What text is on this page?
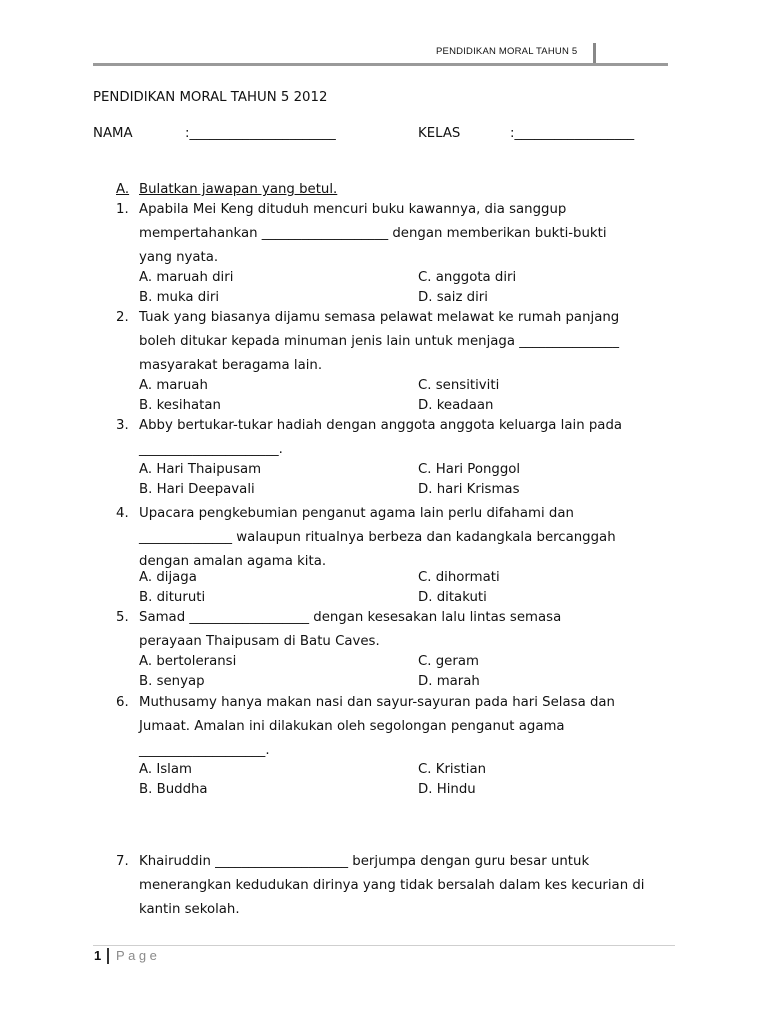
PENDIDIKAN MORAL TAHUN 5
PENDIDIKAN MORAL TAHUN 5 2012
NAMA	:______________________	KELAS	:__________________
A. Bulatkan jawapan yang betul.
1. Apabila Mei Keng dituduh mencuri buku kawannya, dia sanggup
mempertahankan ___________________ dengan memberikan bukti-bukti
yang nyata.
A. maruah diri	C. anggota diri
B. muka diri	D. saiz diri
2. Tuak yang biasanya dijamu semasa pelawat melawat ke rumah panjang
boleh ditukar kepada minuman jenis lain untuk menjaga _______________
masyarakat beragama lain.
A. maruah	C. sensitiviti
B. kesihatan	D. keadaan
3. Abby bertukar-tukar hadiah dengan anggota anggota keluarga lain pada
_____________________.
A. Hari Thaipusam	C. Hari Ponggol
B. Hari Deepavali	D. hari Krismas
4. Upacara pengkebumian penganut agama lain perlu difahami dan
______________ walaupun ritualnya berbeza dan kadangkala bercanggah
dengan amalan agama kita.
A. dijaga	C. dihormati
B. dituruti	D. ditakuti
5. Samad __________________ dengan kesesakan lalu lintas semasa
perayaan Thaipusam di Batu Caves.
A. bertoleransi	C. geram
B. senyap	D. marah
6. Muthusamy hanya makan nasi dan sayur-sayuran pada hari Selasa dan
Jumaat. Amalan ini dilakukan oleh segolongan penganut agama
___________________.
A. Islam	C. Kristian
B. Buddha	D. Hindu
7. Khairuddin ____________________ berjumpa dengan guru besar untuk
menerangkan kedudukan dirinya yang tidak bersalah dalam kes kecurian di
kantin sekolah.
1 Page
